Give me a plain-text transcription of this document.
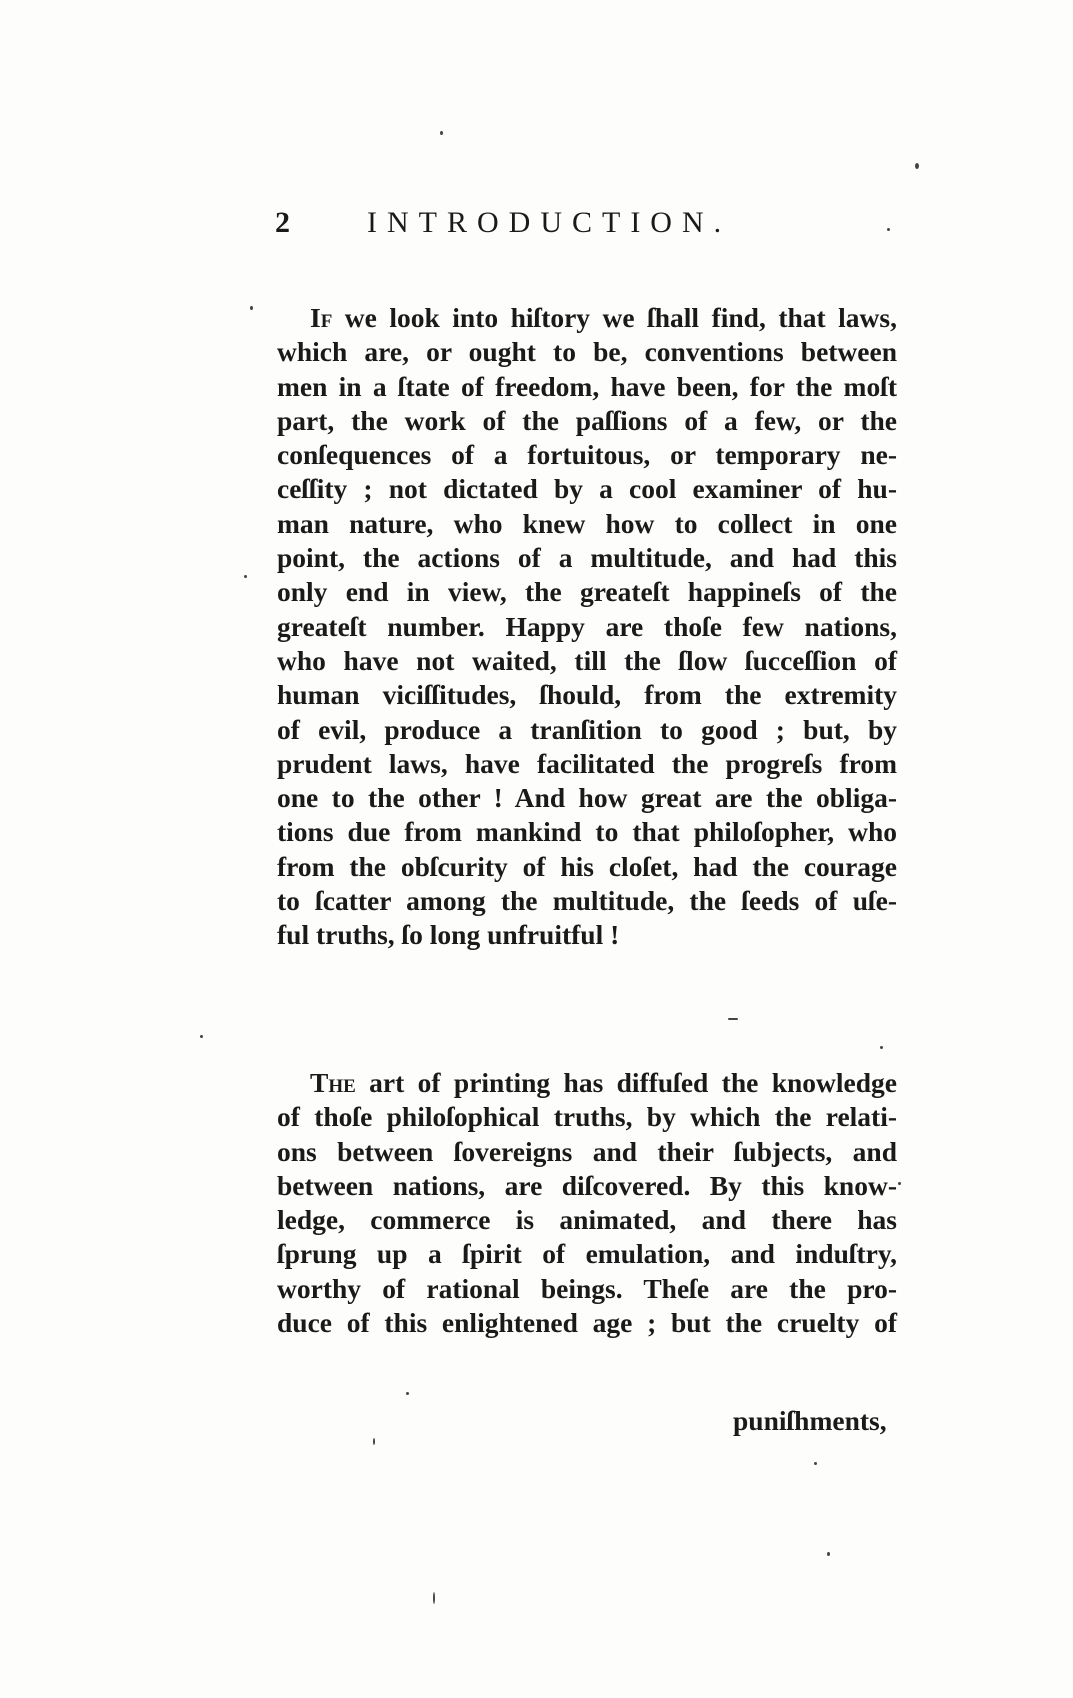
2	INTRODUCTION.
If we look into hiſtory we ſhall find, that laws,
which are, or ought to be, conventions between
men in a ſtate of freedom, have been, for the moſt
part, the work of the paſſions of a few, or the
conſequences of a fortuitous, or temporary ne-
ceſſity ; not dictated by a cool examiner of hu-
man nature, who knew how to collect in one
point, the actions of a multitude, and had this
only end in view, the greateſt happineſs of the
greateſt number. Happy are thoſe few nations,
who have not waited, till the ſlow ſucceſſion of
human viciſſitudes, ſhould, from the extremity
of evil, produce a tranſition to good ; but, by
prudent laws, have facilitated the progreſs from
one to the other ! And how great are the obliga-
tions due from mankind to that philoſopher, who
from the obſcurity of his cloſet, had the courage
to ſcatter among the multitude, the ſeeds of uſe-
ful truths, ſo long unfruitful !
The art of printing has diffuſed the knowledge
of thoſe philoſophical truths, by which the relati-
ons between ſovereigns and their ſubjects, and
between nations, are diſcovered. By this know-
ledge, commerce is animated, and there has
ſprung up a ſpirit of emulation, and induſtry,
worthy of rational beings. Theſe are the pro-
duce of this enlightened age ; but the cruelty of
puniſhments,
